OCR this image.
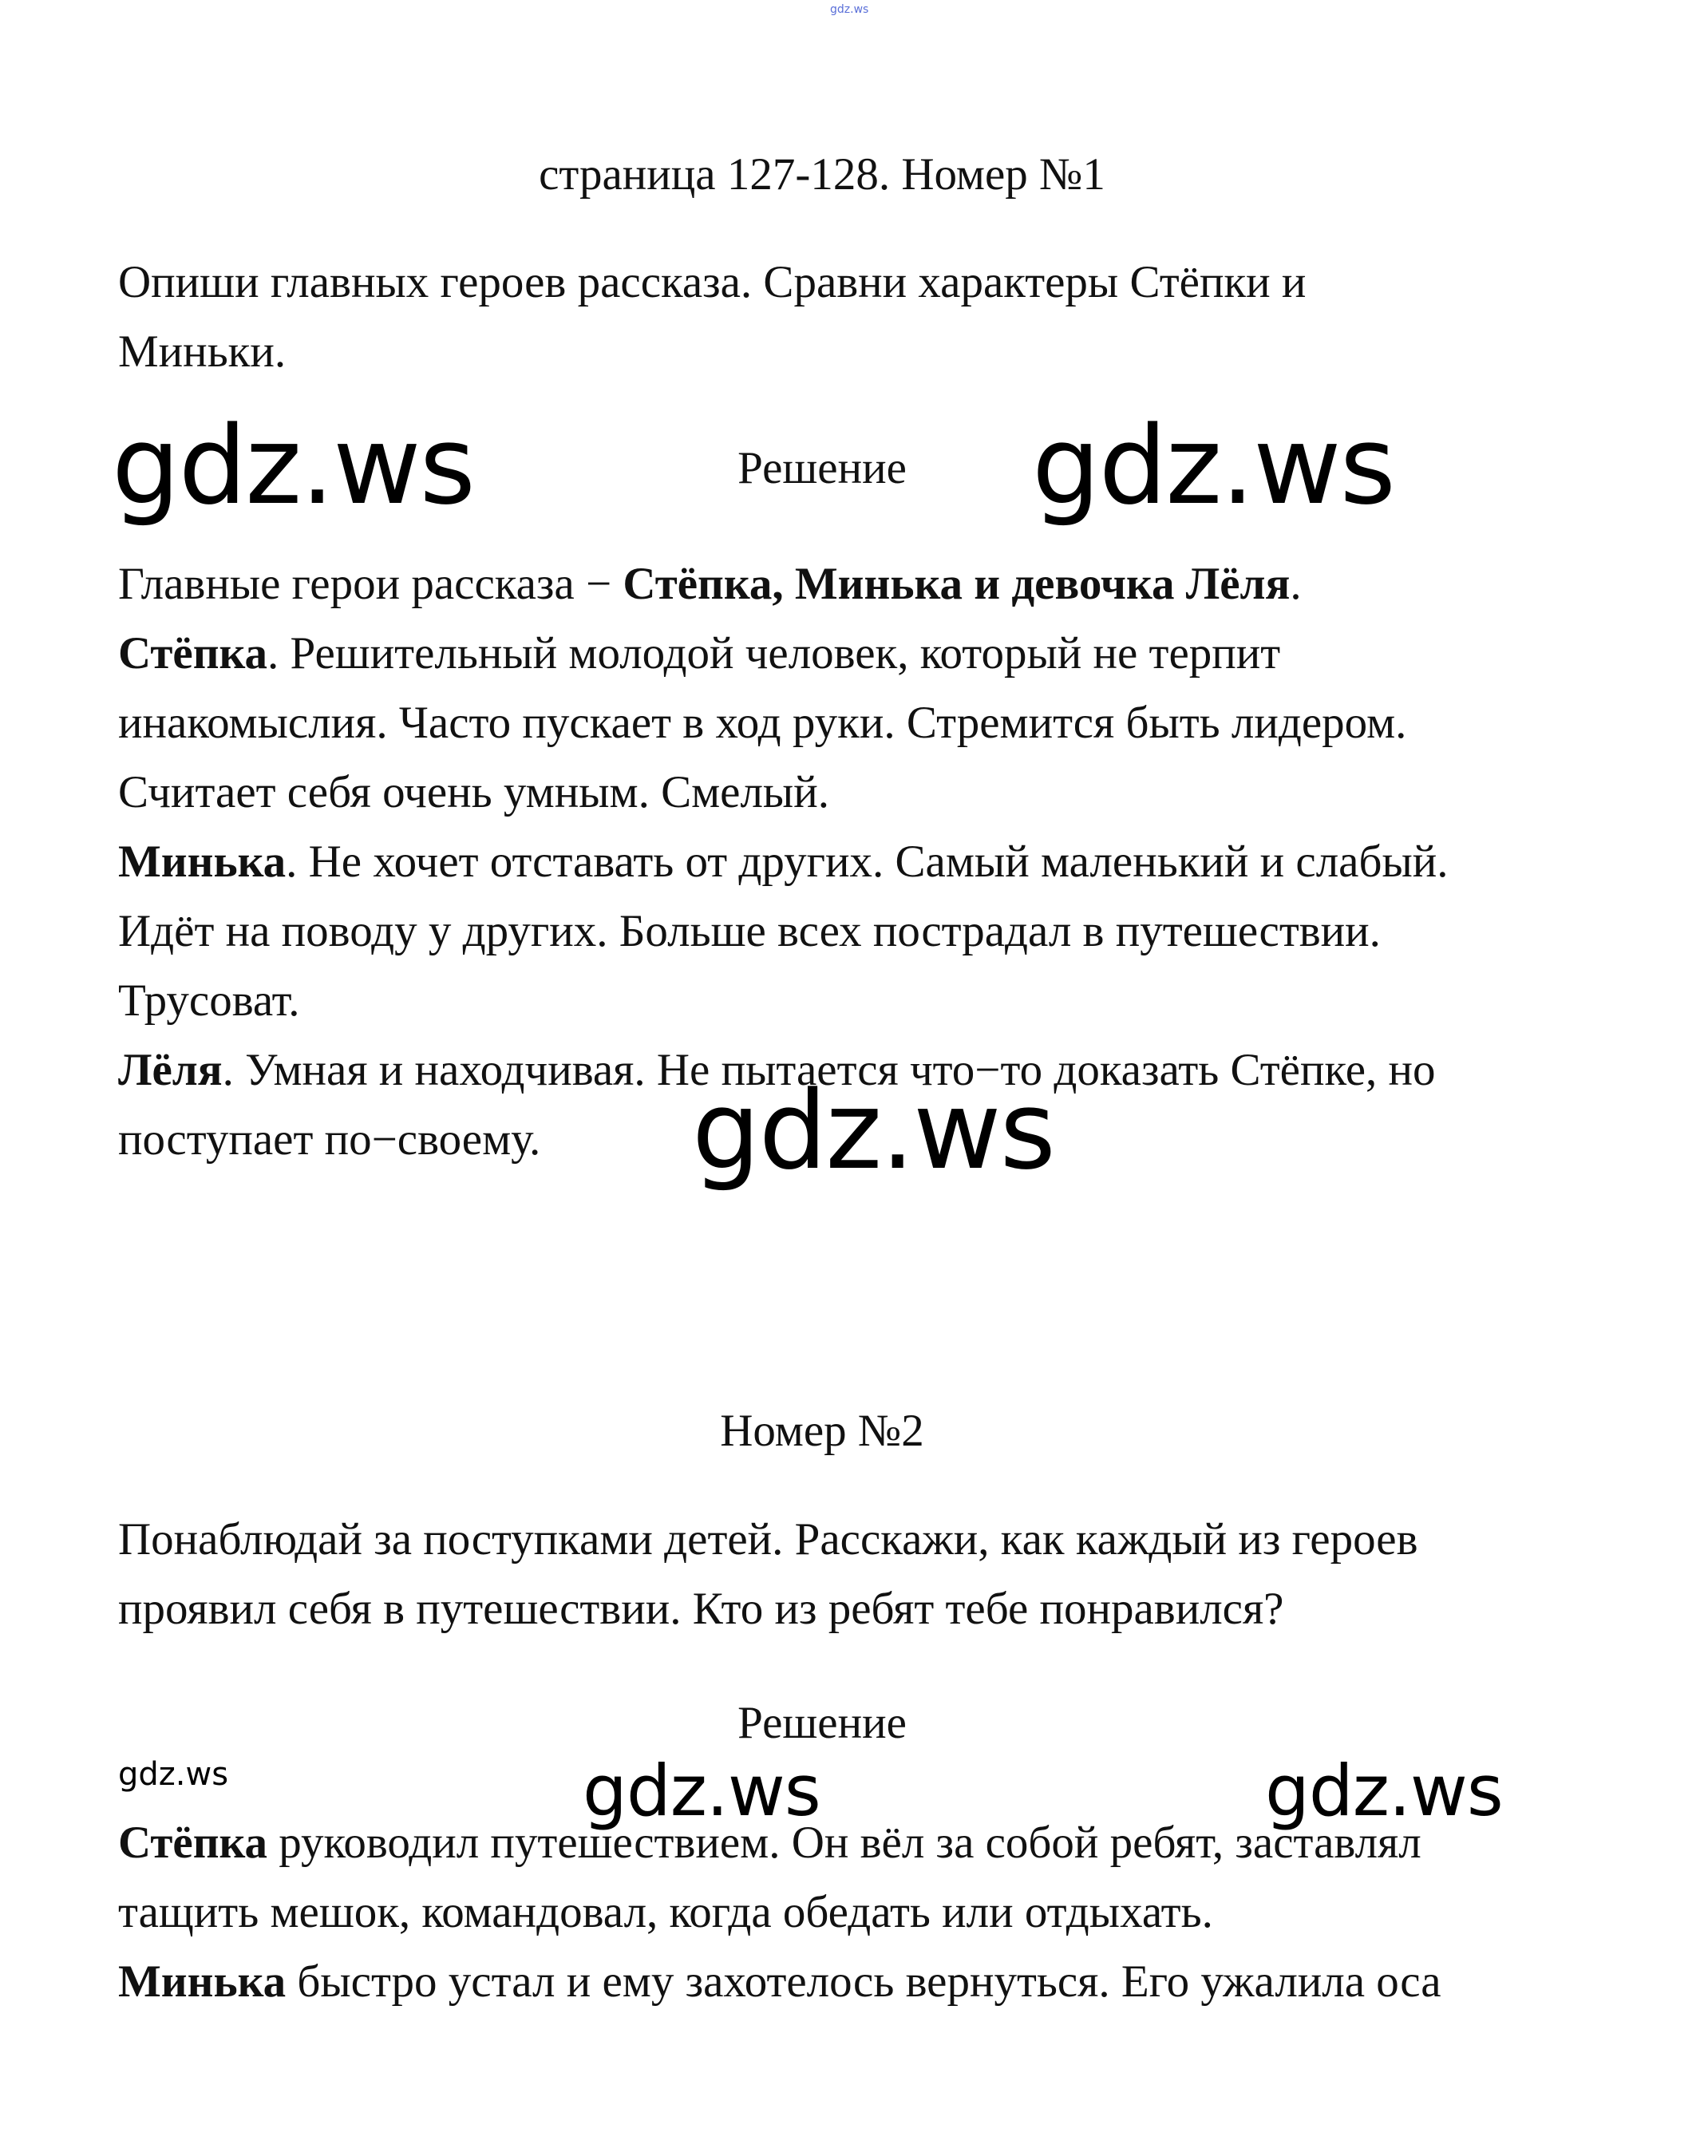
gdz.ws
страница 127-128. Номер №1
Опиши главных героев рассказа. Сравни характеры Стёпки и
Миньки.
gdz.ws	Решение	gdz.ws
Главные герои рассказа − Стёпка, Минька и девочка Лёля.
Стёпка. Решительный молодой человек, который не терпит
инакомыслия. Часто пускает в ход руки. Стремится быть лидером.
Считает себя очень умным. Смелый.
Минька. Не хочет отставать от других. Самый маленький и слабый.
Идёт на поводу у других. Больше всех пострадал в путешествии.
Трусоват.
Лёля. Умная и находчивая. Не пытается что−то доказать Стёпке, но
поступает по−своему. gdz.ws
Номер №2
Понаблюдай за поступками детей. Расскажи, как каждый из героев
проявил себя в путешествии. Кто из ребят тебе понравился?
Решение
gdz.ws	gdz.ws	gdz.ws
Стёпка руководил путешествием. Он вёл за собой ребят, заставлял
тащить мешок, командовал, когда обедать или отдыхать.
Минька быстро устал и ему захотелось вернуться. Его ужалила оса
